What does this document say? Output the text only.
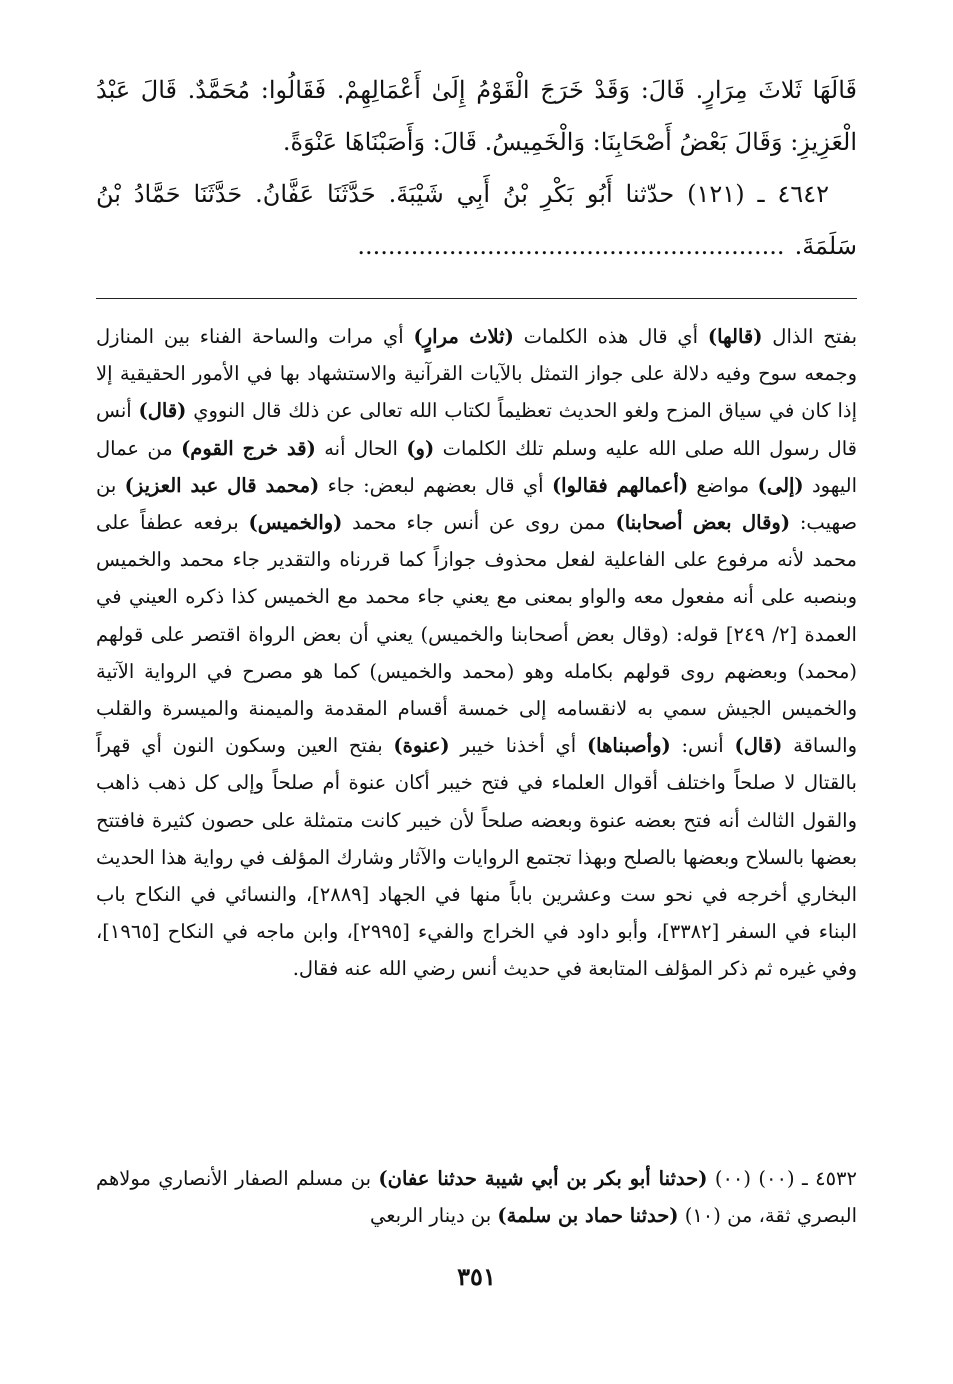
قَالَهَا ثَلاثَ مِرَارٍ. قَالَ: وَقَدْ خَرَجَ الْقَوْمُ إِلَىٰ أَعْمَالِهِمْ. فَقَالُوا: مُحَمَّدٌ. قَالَ عَبْدُ الْعَزِيزِ: وَقَالَ بَعْضُ أَصْحَابِنَا: وَالْخَمِيسُ. قَالَ: وَأَصَبْنَاهَا عَنْوَةً.

٤٦٤٢ ـ (١٢١) حدّثنا أَبُو بَكْرِ بْنُ أَبِي شَيْبَةَ. حَدَّثَنَا عَفَّانُ. حَدَّثَنَا حَمَّادُ بْنُ سَلَمَةَ.........................................................

بفتح الذال (قالها) أي قال هذه الكلمات (ثلاث مرارٍ) أي مرات والساحة الفناء بين المنازل وجمعه سوح وفيه دلالة على جواز التمثل بالآيات القرآنية والاستشهاد بها في الأمور الحقيقية إلا إذا كان في سياق المزح ولغو الحديث تعظيماً لكتاب الله تعالى عن ذلك قال النووي (قال) أنس قال رسول الله صلى الله عليه وسلم تلك الكلمات (و) الحال أنه (قد خرج القوم) من عمال اليهود (إلى) مواضع (أعمالهم فقالوا) أي قال بعضهم لبعض: جاء (محمد قال عبد العزيز) بن صهيب: (وقال بعض أصحابنا) ممن روى عن أنس جاء محمد (والخميس) برفعه عطفاً على محمد لأنه مرفوع على الفاعلية لفعل محذوف جوازاً كما قررناه والتقدير جاء محمد والخميس وبنصبه على أنه مفعول معه والواو بمعنى مع يعني جاء محمد مع الخميس كذا ذكره العيني في العمدة [٢/ ٢٤٩] قوله: (وقال بعض أصحابنا والخميس) يعني أن بعض الرواة اقتصر على قولهم (محمد) وبعضهم روى قولهم بكامله وهو (محمد والخميس) كما هو مصرح في الرواية الآتية والخميس الجيش سمي به لانقسامه إلى خمسة أقسام المقدمة والميمنة والميسرة والقلب والساقة (قال) أنس: (وأصبناها) أي أخذنا خيبر (عنوة) بفتح العين وسكون النون أي قهراً بالقتال لا صلحاً واختلف أقوال العلماء في فتح خيبر أكان عنوة أم صلحاً وإلى كل ذهب ذاهب والقول الثالث أنه فتح بعضه عنوة وبعضه صلحاً لأن خيبر كانت متمثلة على حصون كثيرة فافتتح بعضها بالسلاح وبعضها بالصلح وبهذا تجتمع الروايات والآثار وشارك المؤلف في رواية هذا الحديث البخاري أخرجه في نحو ست وعشرين باباً منها في الجهاد [٢٨٨٩]، والنسائي في النكاح باب البناء في السفر [٣٣٨٢]، وأبو داود في الخراج والفيء [٢٩٩٥]، وابن ماجه في النكاح [١٩٦٥]، وفي غيره ثم ذكر المؤلف المتابعة في حديث أنس رضي الله عنه فقال.

٤٥٣٢ ـ (٠٠) (٠٠) (حدثنا أبو بكر بن أبي شيبة حدثنا عفان) بن مسلم الصفار الأنصاري مولاهم البصري ثقة، من (١٠) (حدثنا حماد بن سلمة) بن دينار الربعي

٣٥١
